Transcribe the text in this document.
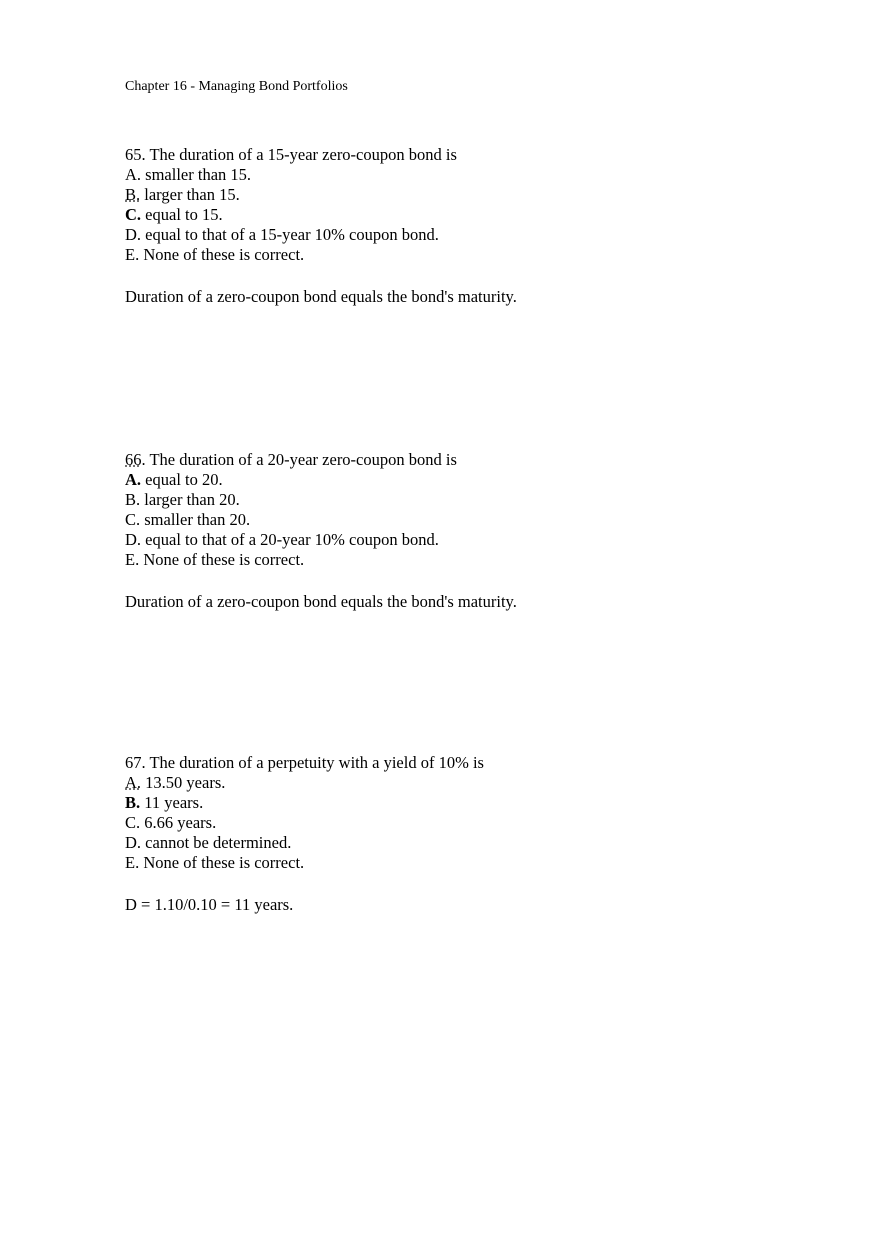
Chapter 16 - Managing Bond Portfolios
65. The duration of a 15-year zero-coupon bond is
A. smaller than 15.
B. larger than 15.
C. equal to 15.
D. equal to that of a 15-year 10% coupon bond.
E. None of these is correct.
Duration of a zero-coupon bond equals the bond's maturity.
66. The duration of a 20-year zero-coupon bond is
A. equal to 20.
B. larger than 20.
C. smaller than 20.
D. equal to that of a 20-year 10% coupon bond.
E. None of these is correct.
Duration of a zero-coupon bond equals the bond's maturity.
67. The duration of a perpetuity with a yield of 10% is
A. 13.50 years.
B. 11 years.
C. 6.66 years.
D. cannot be determined.
E. None of these is correct.
D = 1.10/0.10 = 11 years.
